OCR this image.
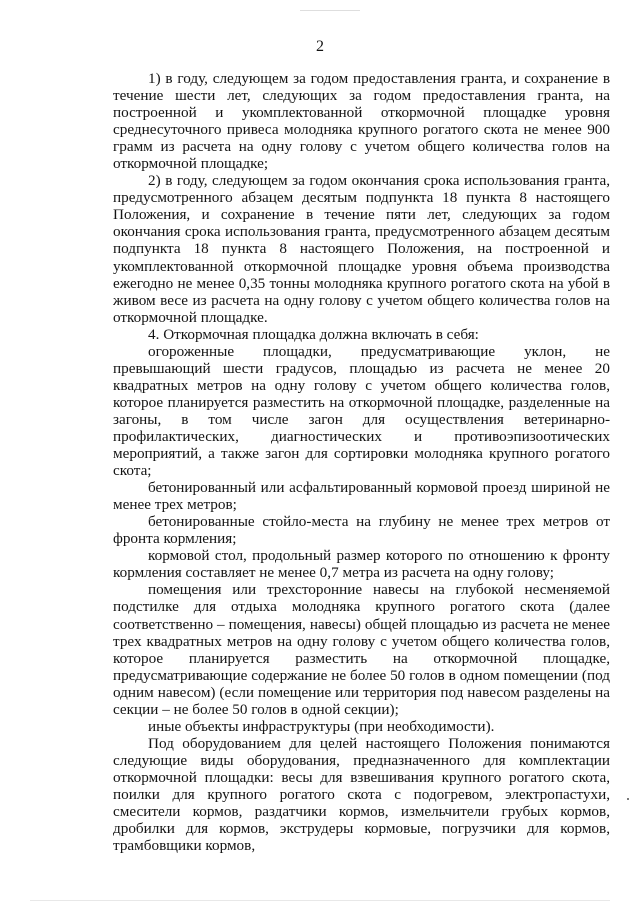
2

1) в году, следующем за годом предоставления гранта, и сохранение в течение шести лет, следующих за годом предоставления гранта, на построенной и укомплектованной откормочной площадке уровня среднесуточного привеса молодняка крупного рогатого скота не менее 900 грамм из расчета на одну голову с учетом общего количества голов на откормочной площадке;

2) в году, следующем за годом окончания срока использования гранта, предусмотренного абзацем десятым подпункта 18 пункта 8 настоящего Положения, и сохранение в течение пяти лет, следующих за годом окончания срока использования гранта, предусмотренного абзацем десятым подпункта 18 пункта 8 настоящего Положения, на построенной и укомплектованной откормочной площадке уровня объема производства ежегодно не менее 0,35 тонны молодняка крупного рогатого скота на убой в живом весе из расчета на одну голову с учетом общего количества голов на откормочной площадке.

4. Откормочная площадка должна включать в себя:

огороженные площадки, предусматривающие уклон, не превышающий шести градусов, площадью из расчета не менее 20 квадратных метров на одну голову с учетом общего количества голов, которое планируется разместить на откормочной площадке, разделенные на загоны, в том числе загон для осуществления ветеринарно-профилактических, диагностических и противоэпизоотических мероприятий, а также загон для сортировки молодняка крупного рогатого скота;

бетонированный или асфальтированный кормовой проезд шириной не менее трех метров;

бетонированные стойло-места на глубину не менее трех метров от фронта кормления;

кормовой стол, продольный размер которого по отношению к фронту кормления составляет не менее 0,7 метра из расчета на одну голову;

помещения или трехсторонние навесы на глубокой несменяемой подстилке для отдыха молодняка крупного рогатого скота (далее соответственно – помещения, навесы) общей площадью из расчета не менее трех квадратных метров на одну голову с учетом общего количества голов, которое планируется разместить на откормочной площадке, предусматривающие содержание не более 50 голов в одном помещении (под одним навесом) (если помещение или территория под навесом разделены на секции – не более 50 голов в одной секции);

иные объекты инфраструктуры (при необходимости).

Под оборудованием для целей настоящего Положения понимаются следующие виды оборудования, предназначенного для комплектации откормочной площадки: весы для взвешивания крупного рогатого скота, поилки для крупного рогатого скота с подогревом, электропастухи, смесители кормов, раздатчики кормов, измельчители грубых кормов, дробилки для кормов, экструдеры кормовые, погрузчики для кормов, трамбовщики кормов,
